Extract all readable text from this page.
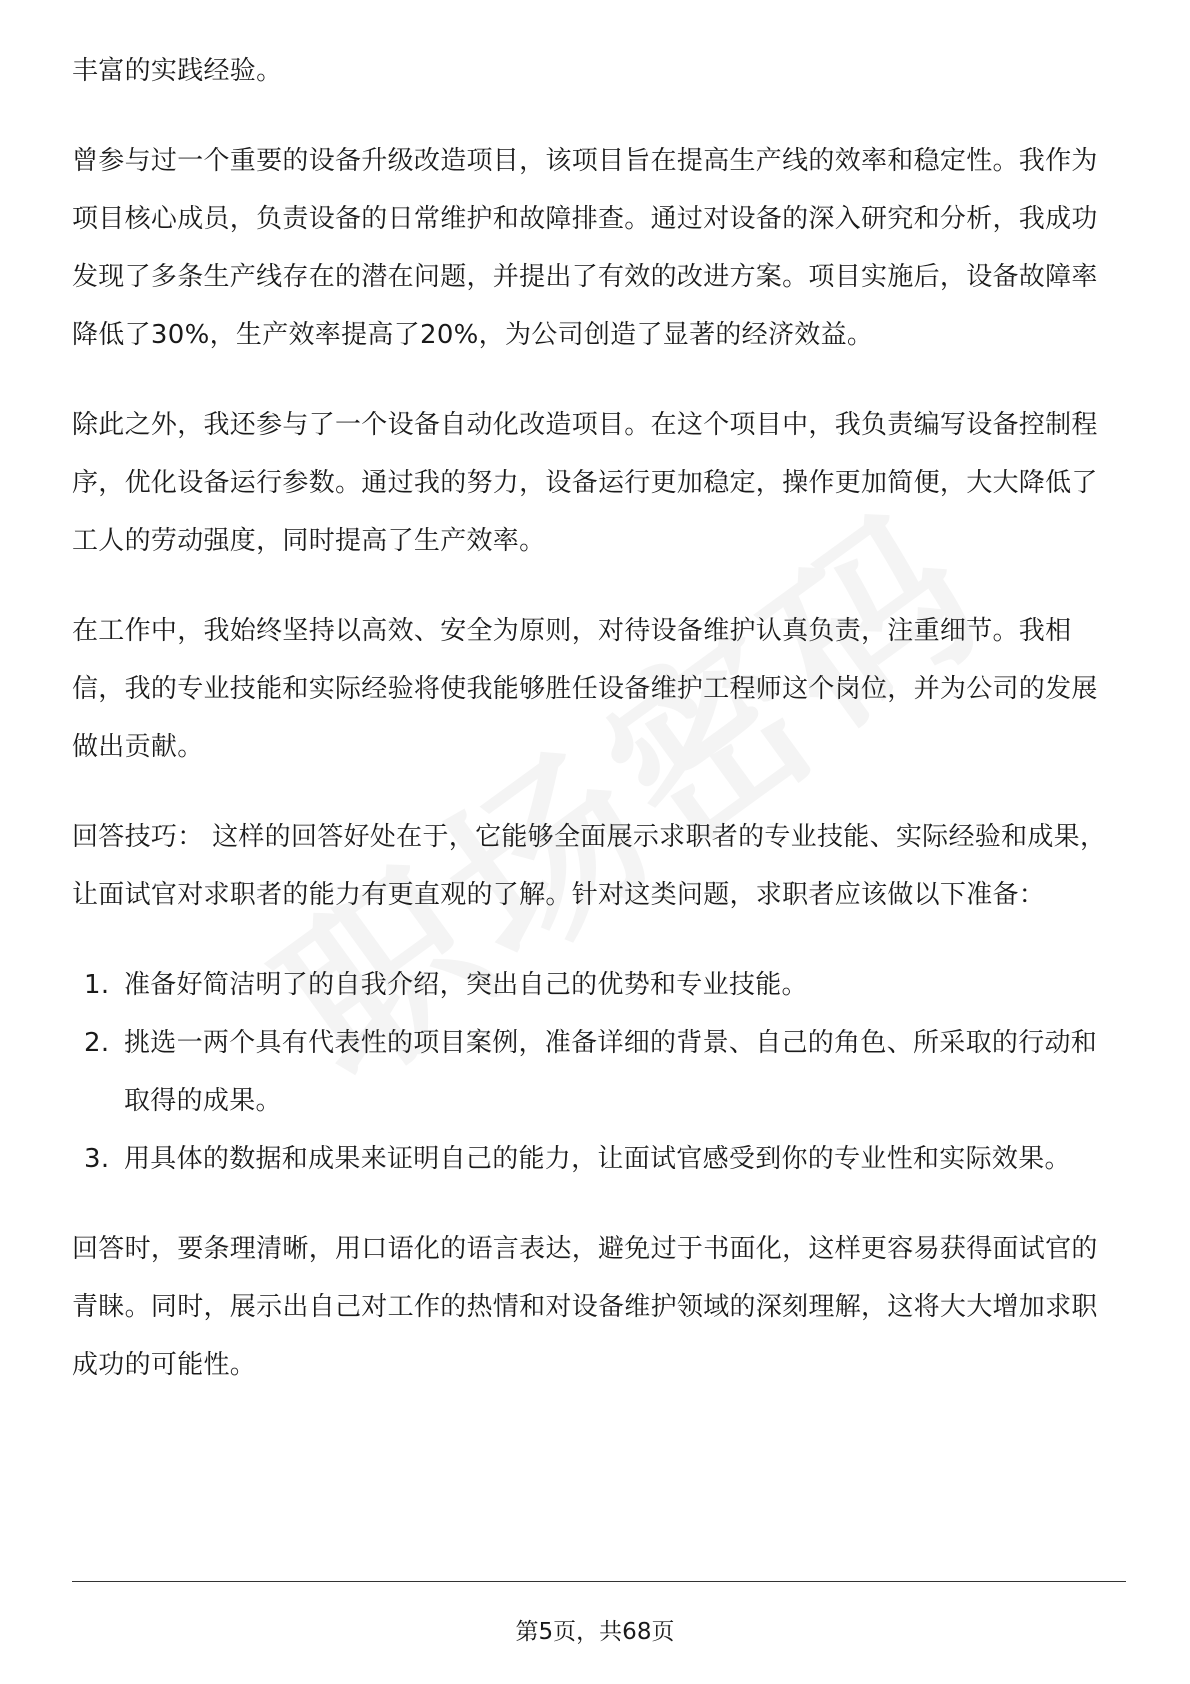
丰富的实践经验。

曾参与过一个重要的设备升级改造项目，该项目旨在提高生产线的效率和稳定性。我作为项目核心成员，负责设备的日常维护和故障排查。通过对设备的深入研究和分析，我成功发现了多条生产线存在的潜在问题，并提出了有效的改进方案。项目实施后，设备故障率降低了30%，生产效率提高了20%，为公司创造了显著的经济效益。

除此之外，我还参与了一个设备自动化改造项目。在这个项目中，我负责编写设备控制程序，优化设备运行参数。通过我的努力，设备运行更加稳定，操作更加简便，大大降低了工人的劳动强度，同时提高了生产效率。

在工作中，我始终坚持以高效、安全为原则，对待设备维护认真负责，注重细节。我相信，我的专业技能和实际经验将使我能够胜任设备维护工程师这个岗位，并为公司的发展做出贡献。

回答技巧： 这样的回答好处在于，它能够全面展示求职者的专业技能、实际经验和成果，让面试官对求职者的能力有更直观的了解。针对这类问题，求职者应该做以下准备：

1. 准备好简洁明了的自我介绍，突出自己的优势和专业技能。
2. 挑选一两个具有代表性的项目案例，准备详细的背景、自己的角色、所采取的行动和取得的成果。
3. 用具体的数据和成果来证明自己的能力，让面试官感受到你的专业性和实际效果。

回答时，要条理清晰，用口语化的语言表达，避免过于书面化，这样更容易获得面试官的青睐。同时，展示出自己对工作的热情和对设备维护领域的深刻理解，这将大大增加求职成功的可能性。

第5页，共68页
